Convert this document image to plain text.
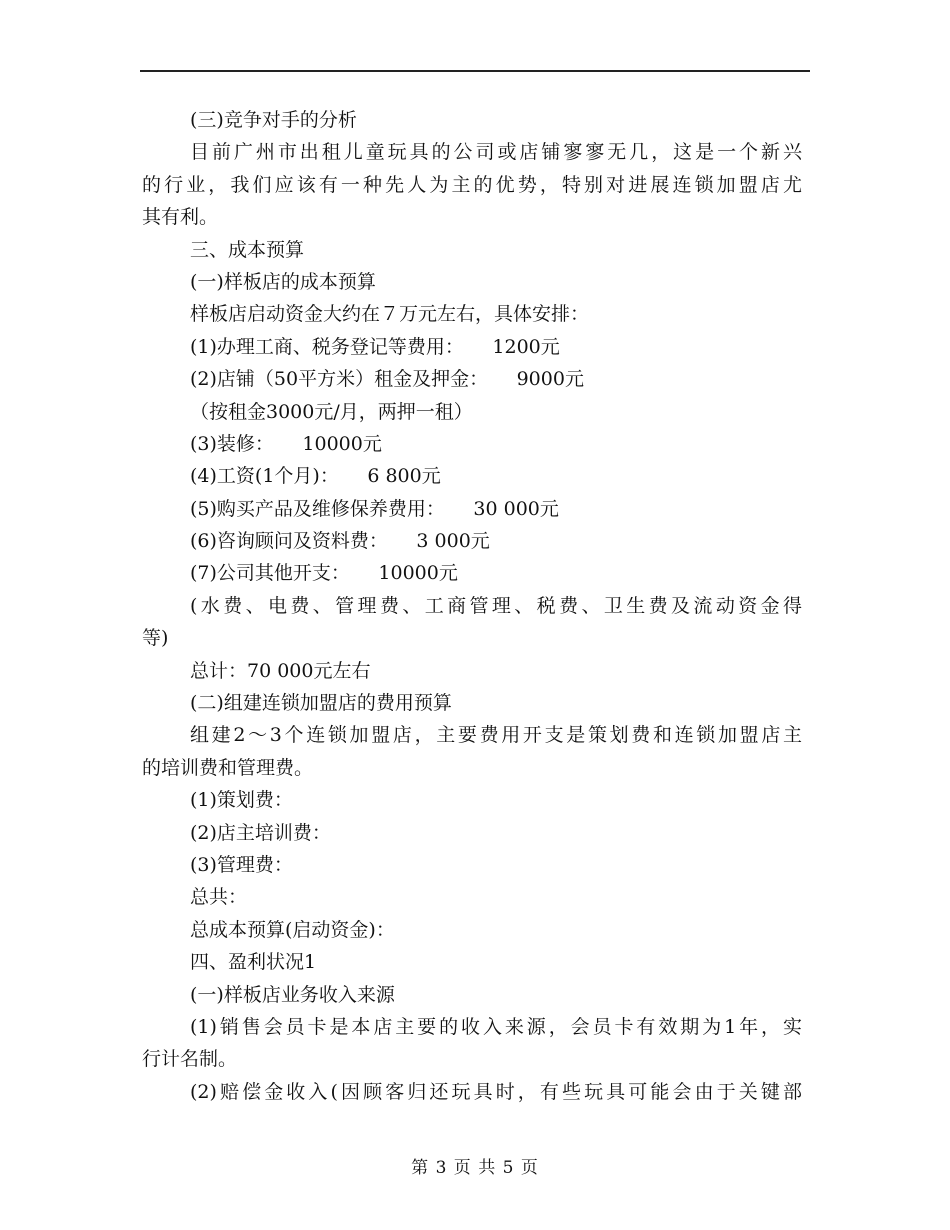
(三)竞争对手的分析
目前广州市出租儿童玩具的公司或店铺寥寥无几，这是一个新兴
的行业，我们应该有一种先人为主的优势，特别对进展连锁加盟店尤
其有利。
三、成本预算
(一)样板店的成本预算
样板店启动资金大约在７万元左右，具体安排：
(1)办理工商、税务登记等费用：　　1200元
(2)店铺（50平方米）租金及押金：　　9000元
（按租金3000元/月，两押一租）
(3)装修：　　10000元
(4)工资(1个月)：　　6 800元
(5)购买产品及维修保养费用：　　30 000元
(6)咨询顾问及资料费：　　3 000元
(7)公司其他开支：　　10000元
(水费、电费、管理费、工商管理、税费、卫生费及流动资金得
等)
总计：70 000元左右
(二)组建连锁加盟店的费用预算
组建2～3个连锁加盟店，主要费用开支是策划费和连锁加盟店主
的培训费和管理费。
(1)策划费：
(2)店主培训费：
(3)管理费：
总共：
总成本预算(启动资金)：
四、盈利状况1
(一)样板店业务收入来源
(1)销售会员卡是本店主要的收入来源，会员卡有效期为1年，实
行计名制。
(2)赔偿金收入(因顾客归还玩具时，有些玩具可能会由于关键部
第 3 页 共 5 页
